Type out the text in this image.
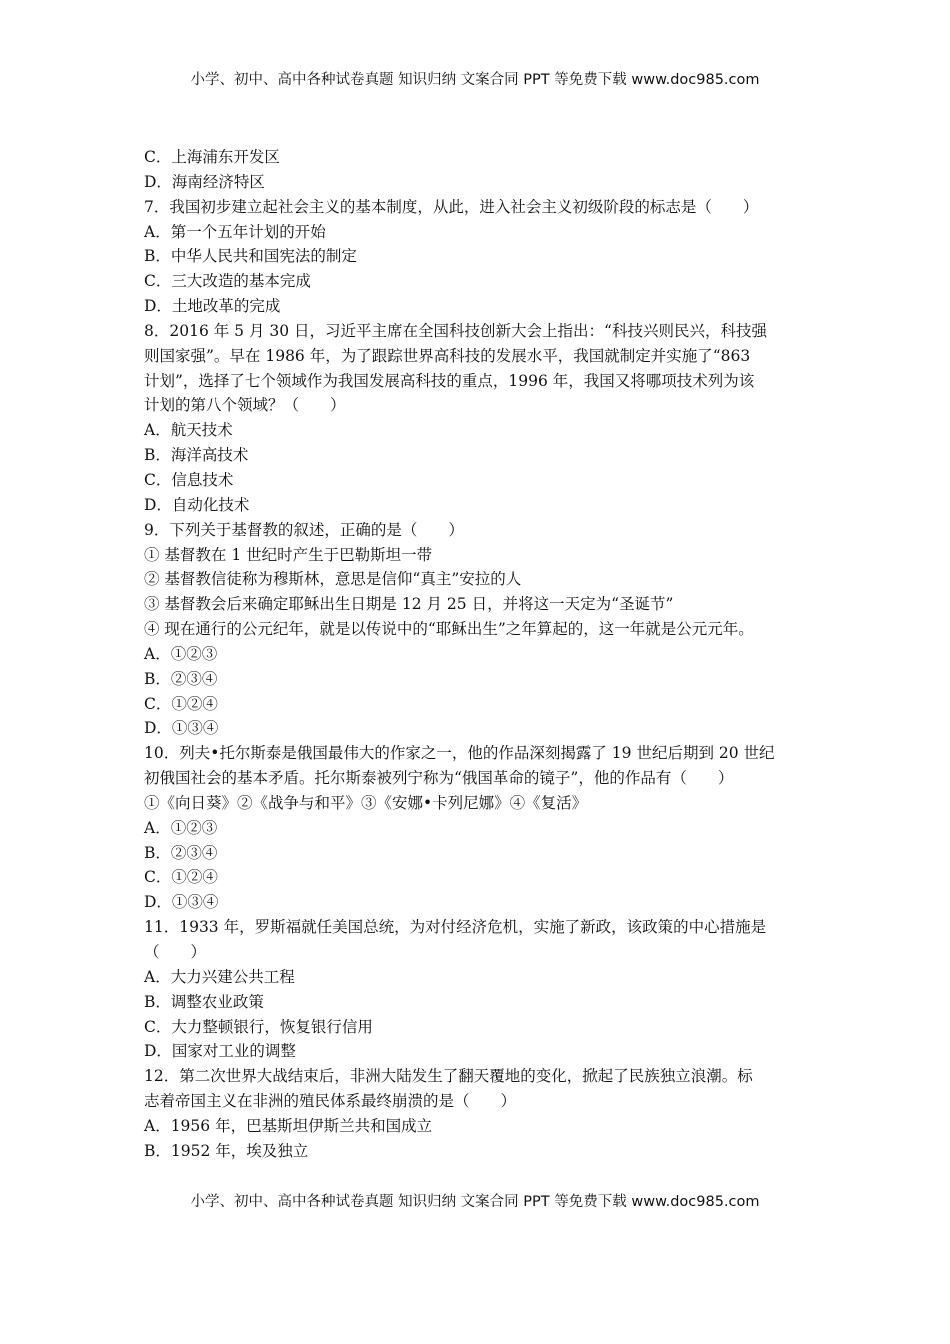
小学、初中、高中各种试卷真题 知识归纳 文案合同 PPT 等免费下载 www.doc985.com
C．上海浦东开发区
D．海南经济特区
7．我国初步建立起社会主义的基本制度，从此，进入社会主义初级阶段的标志是（　　）
A．第一个五年计划的开始
B．中华人民共和国宪法的制定
C．三大改造的基本完成
D．土地改革的完成
8．2016 年 5 月 30 日，习近平主席在全国科技创新大会上指出：“科技兴则民兴，科技强
则国家强”。早在 1986 年，为了跟踪世界高科技的发展水平，我国就制定并实施了“863
计划”，选择了七个领域作为我国发展高科技的重点，1996 年，我国又将哪项技术列为该
计划的第八个领域？（　　）
A．航天技术
B．海洋高技术
C．信息技术
D．自动化技术
9．下列关于基督教的叙述，正确的是（　　）
① 基督教在 1 世纪时产生于巴勒斯坦一带
② 基督教信徒称为穆斯林，意思是信仰“真主”安拉的人
③ 基督教会后来确定耶稣出生日期是 12 月 25 日，并将这一天定为“圣诞节”
④ 现在通行的公元纪年，就是以传说中的“耶稣出生”之年算起的，这一年就是公元元年。
A．①②③
B．②③④
C．①②④
D．①③④
10．列夫•托尔斯泰是俄国最伟大的作家之一，他的作品深刻揭露了 19 世纪后期到 20 世纪
初俄国社会的基本矛盾。托尔斯泰被列宁称为“俄国革命的镜子”，他的作品有（　　）
①《向日葵》②《战争与和平》③《安娜•卡列尼娜》④《复活》
A．①②③
B．②③④
C．①②④
D．①③④
11．1933 年，罗斯福就任美国总统，为对付经济危机，实施了新政，该政策的中心措施是
（　　）
A．大力兴建公共工程
B．调整农业政策
C．大力整顿银行，恢复银行信用
D．国家对工业的调整
12．第二次世界大战结束后，非洲大陆发生了翻天覆地的变化，掀起了民族独立浪潮。标
志着帝国主义在非洲的殖民体系最终崩溃的是（　　）
A．1956 年，巴基斯坦伊斯兰共和国成立
B．1952 年，埃及独立
小学、初中、高中各种试卷真题 知识归纳 文案合同 PPT 等免费下载 www.doc985.com
